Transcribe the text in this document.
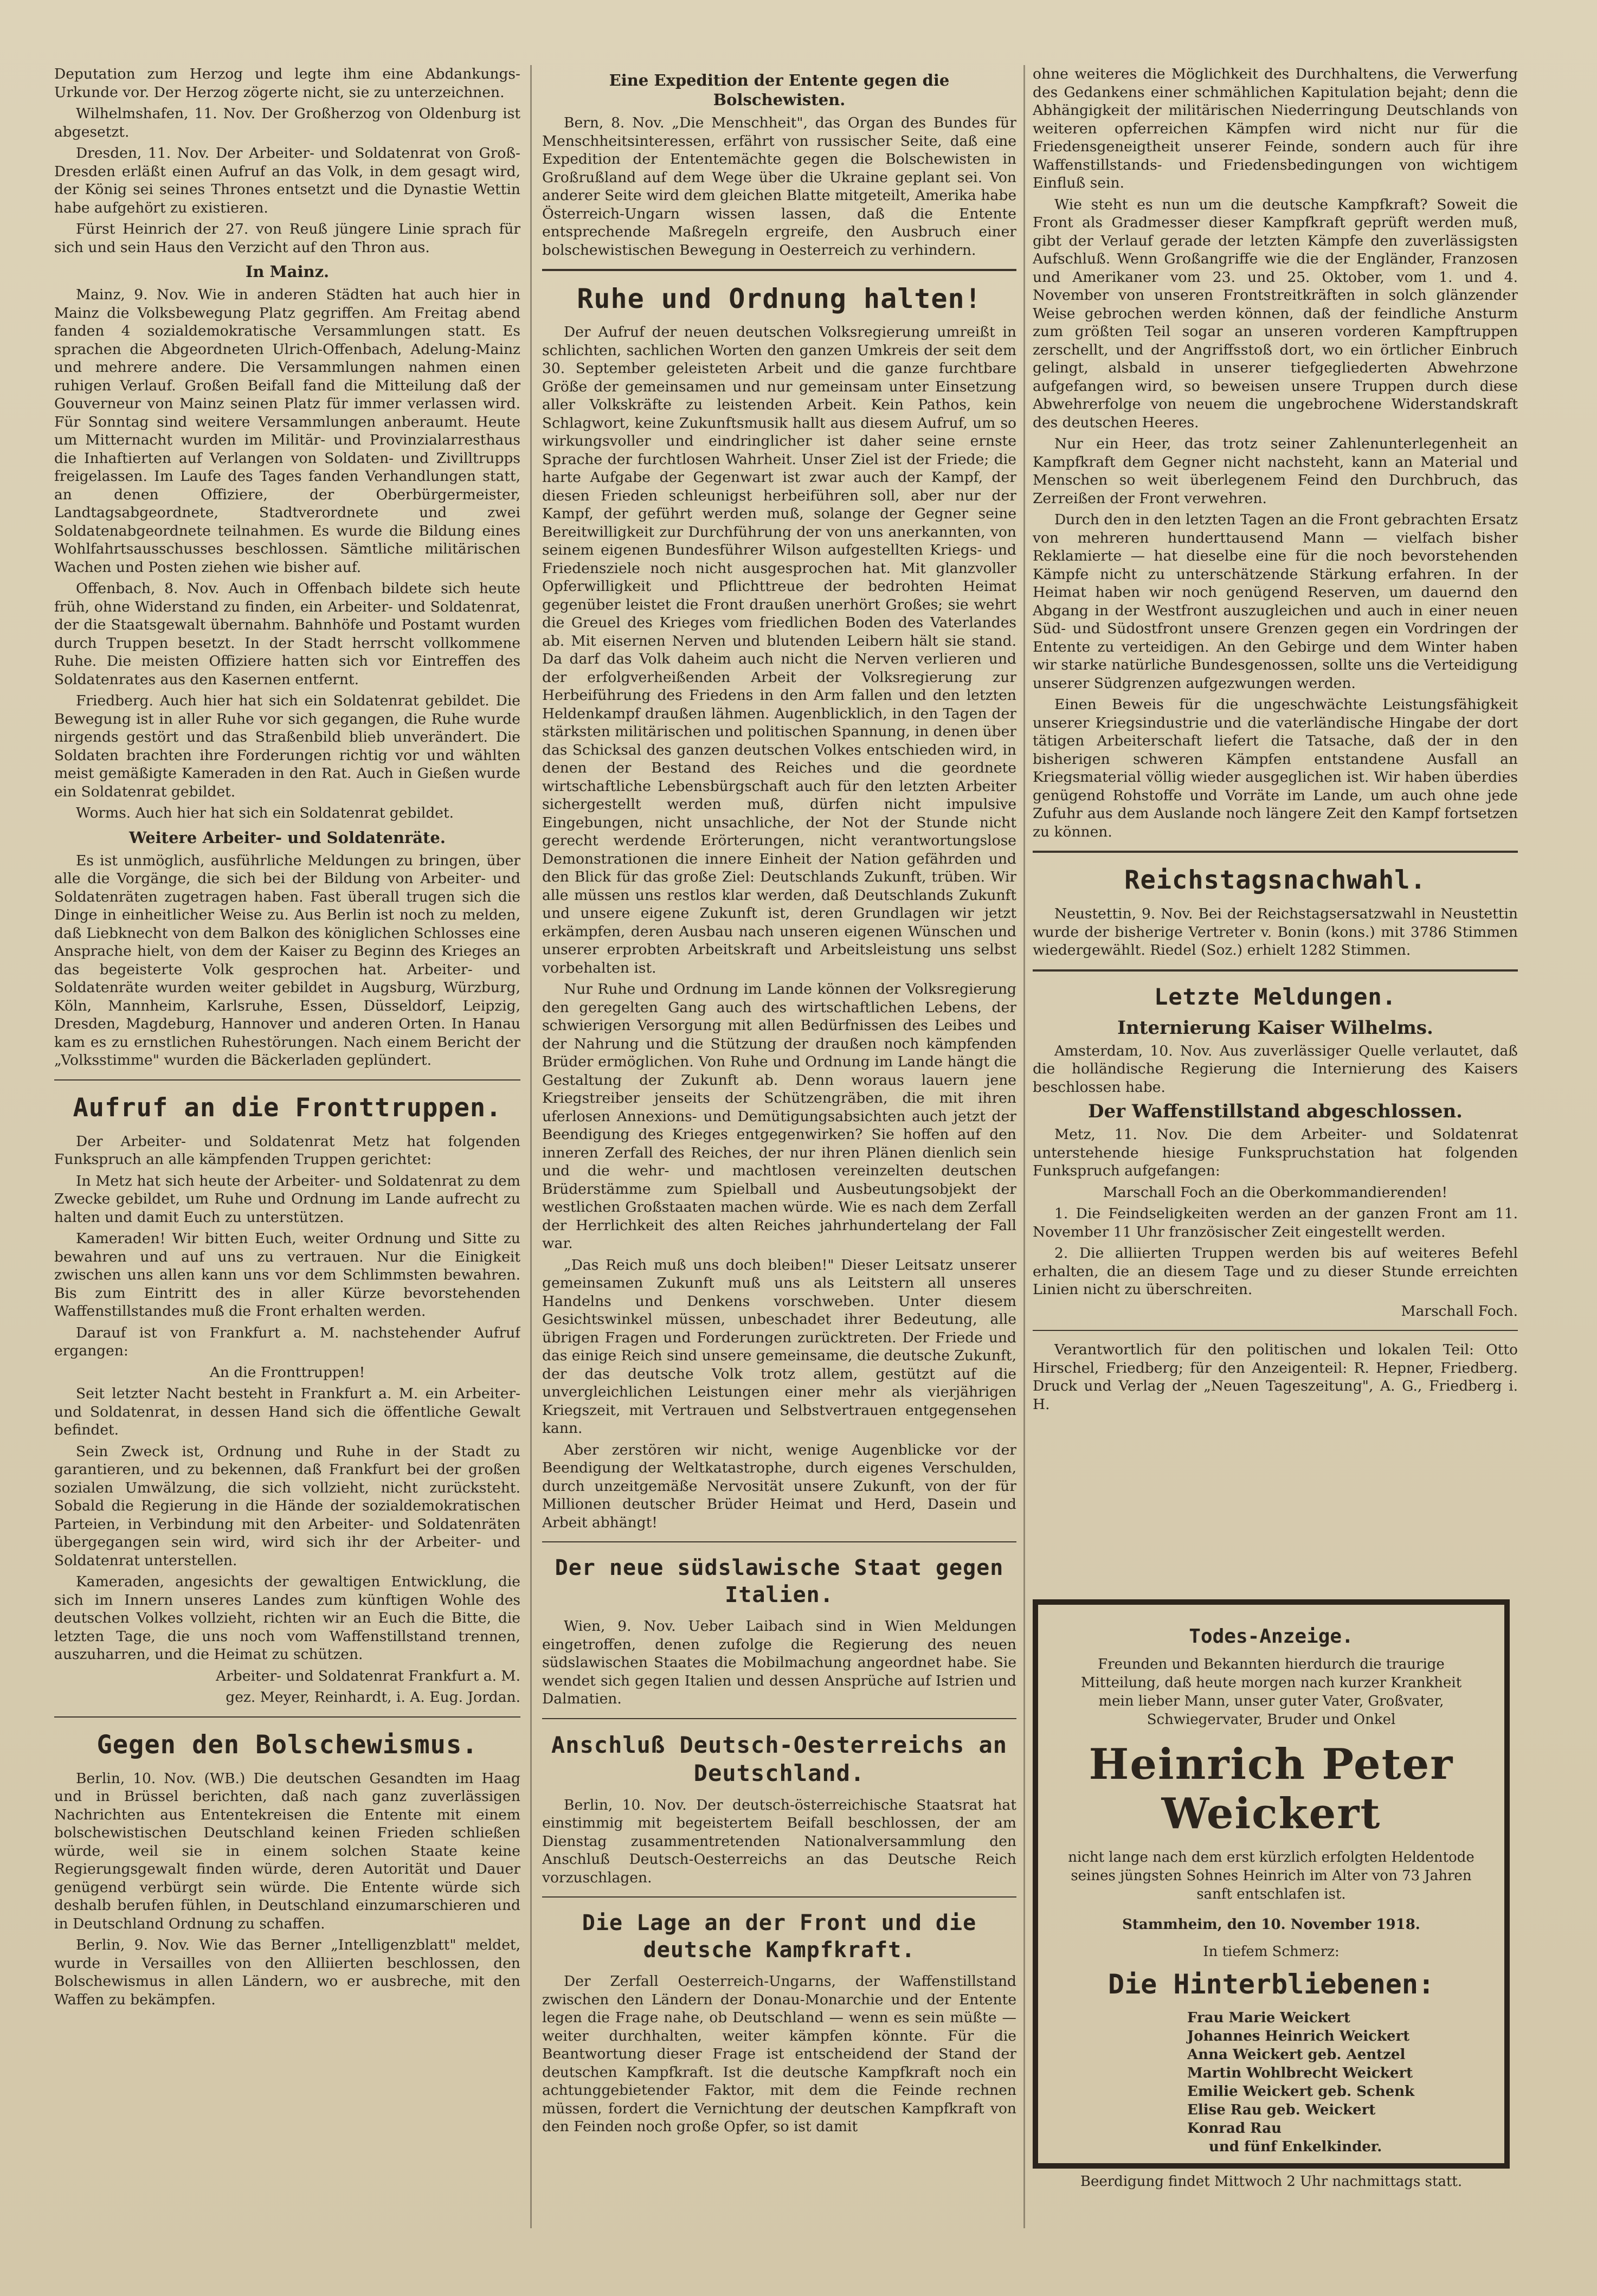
Deputation zum Herzog und legte ihm eine Abdankungs-Urkunde vor. Der Herzog zögerte nicht, sie zu unterzeichnen.

Wilhelmshafen, 11. Nov. Der Großherzog von Oldenburg ist abgesetzt.

Dresden, 11. Nov. Der Arbeiter- und Soldatenrat von Groß-Dresden erläßt einen Aufruf an das Volk, in dem gesagt wird, der König sei seines Thrones entsetzt und die Dynastie Wettin habe aufgehört zu existieren.

Fürst Heinrich der 27. von Reuß jüngere Linie sprach für sich und sein Haus den Verzicht auf den Thron aus.

In Mainz.

Mainz, 9. Nov. Wie in anderen Städten hat auch hier in Mainz die Volksbewegung Platz gegriffen. Am Freitag abend fanden 4 sozialdemokratische Versammlungen statt. Es sprachen die Abgeordneten Ulrich-Offenbach, Adelung-Mainz und mehrere andere. Die Versammlungen nahmen einen ruhigen Verlauf. Großen Beifall fand die Mitteilung daß der Gouverneur von Mainz seinen Platz für immer verlassen wird. Für Sonntag sind weitere Versammlungen anberaumt. Heute um Mitternacht wurden im Militär- und Provinzialarresthaus die Inhaftierten auf Verlangen von Soldaten- und Zivilltrupps freigelassen. Im Laufe des Tages fanden Verhandlungen statt, an denen Offiziere, der Oberbürgermeister, Landtagsabgeordnete, Stadtverordnete und zwei Soldatenabgeordnete teilnahmen. Es wurde die Bildung eines Wohlfahrtsausschusses beschlossen. Sämtliche militärischen Wachen und Posten ziehen wie bisher auf.

Offenbach, 8. Nov. Auch in Offenbach bildete sich heute früh, ohne Widerstand zu finden, ein Arbeiter- und Soldatenrat, der die Staatsgewalt übernahm. Bahnhöfe und Postamt wurden durch Truppen besetzt. In der Stadt herrscht vollkommene Ruhe. Die meisten Offiziere hatten sich vor Eintreffen des Soldatenrates aus den Kasernen entfernt.

Friedberg. Auch hier hat sich ein Soldatenrat gebildet. Die Bewegung ist in aller Ruhe vor sich gegangen, die Ruhe wurde nirgends gestört und das Straßenbild blieb unverändert. Die Soldaten brachten ihre Forderungen richtig vor und wählten meist gemäßigte Kameraden in den Rat. Auch in Gießen wurde ein Soldatenrat gebildet.

Worms. Auch hier hat sich ein Soldatenrat gebildet.

Weitere Arbeiter- und Soldatenräte.

Es ist unmöglich, ausführliche Meldungen zu bringen, über alle die Vorgänge, die sich bei der Bildung von Arbeiter- und Soldatenräten zugetragen haben. Fast überall trugen sich die Dinge in einheitlicher Weise zu. Aus Berlin ist noch zu melden, daß Liebknecht von dem Balkon des königlichen Schlosses eine Ansprache hielt, von dem der Kaiser zu Beginn des Krieges an das begeisterte Volk gesprochen hat. Arbeiter- und Soldatenräte wurden weiter gebildet in Augsburg, Würzburg, Köln, Mannheim, Karlsruhe, Essen, Düsseldorf, Leipzig, Dresden, Magdeburg, Hannover und anderen Orten. In Hanau kam es zu ernstlichen Ruhestörungen. Nach einem Bericht der „Volksstimme" wurden die Bäckerladen geplündert.

Aufruf an die Fronttruppen.

Der Arbeiter- und Soldatenrat Metz hat folgenden Funkspruch an alle kämpfenden Truppen gerichtet:

In Metz hat sich heute der Arbeiter- und Soldatenrat zu dem Zwecke gebildet, um Ruhe und Ordnung im Lande aufrecht zu halten und damit Euch zu unterstützen.

Kameraden! Wir bitten Euch, weiter Ordnung und Sitte zu bewahren und auf uns zu vertrauen. Nur die Einigkeit zwischen uns allen kann uns vor dem Schlimmsten bewahren. Bis zum Eintritt des in aller Kürze bevorstehenden Waffenstillstandes muß die Front erhalten werden.

Darauf ist von Frankfurt a. M. nachstehender Aufruf ergangen:

An die Fronttruppen!

Seit letzter Nacht besteht in Frankfurt a. M. ein Arbeiter- und Soldatenrat, in dessen Hand sich die öffentliche Gewalt befindet.

Sein Zweck ist, Ordnung und Ruhe in der Stadt zu garantieren, und zu bekennen, daß Frankfurt bei der großen sozialen Umwälzung, die sich vollzieht, nicht zurücksteht. Sobald die Regierung in die Hände der sozialdemokratischen Parteien, in Verbindung mit den Arbeiter- und Soldatenräten übergegangen sein wird, wird sich ihr der Arbeiter- und Soldatenrat unterstellen.

Kameraden, angesichts der gewaltigen Entwicklung, die sich im Innern unseres Landes zum künftigen Wohle des deutschen Volkes vollzieht, richten wir an Euch die Bitte, die letzten Tage, die uns noch vom Waffenstillstand trennen, auszuharren, und die Heimat zu schützen.

Arbeiter- und Soldatenrat Frankfurt a. M.

gez. Meyer, Reinhardt, i. A. Eug. Jordan.

Gegen den Bolschewismus.

Berlin, 10. Nov. (WB.) Die deutschen Gesandten im Haag und in Brüssel berichten, daß nach ganz zuverlässigen Nachrichten aus Ententekreisen die Entente mit einem bolschewistischen Deutschland keinen Frieden schließen würde, weil sie in einem solchen Staate keine Regierungsgewalt finden würde, deren Autorität und Dauer genügend verbürgt sein würde. Die Entente würde sich deshalb berufen fühlen, in Deutschland einzumarschieren und in Deutschland Ordnung zu schaffen.

Berlin, 9. Nov. Wie das Berner „Intelligenzblatt" meldet, wurde in Versailles von den Alliierten beschlossen, den Bolschewismus in allen Ländern, wo er ausbreche, mit den Waffen zu bekämpfen.

Eine Expedition der Entente gegen die Bolschewisten.

Bern, 8. Nov. „Die Menschheit", das Organ des Bundes für Menschheitsinteressen, erfährt von russischer Seite, daß eine Expedition der Ententemächte gegen die Bolschewisten in Großrußland auf dem Wege über die Ukraine geplant sei. Von anderer Seite wird dem gleichen Blatte mitgeteilt, Amerika habe Österreich-Ungarn wissen lassen, daß die Entente entsprechende Maßregeln ergreife, den Ausbruch einer bolschewistischen Bewegung in Oesterreich zu verhindern.

Ruhe und Ordnung halten!

Der Aufruf der neuen deutschen Volksregierung umreißt in schlichten, sachlichen Worten den ganzen Umkreis der seit dem 30. September geleisteten Arbeit und die ganze furchtbare Größe der gemeinsamen und nur gemeinsam unter Einsetzung aller Volkskräfte zu leistenden Arbeit. Kein Pathos, kein Schlagwort, keine Zukunftsmusik hallt aus diesem Aufruf, um so wirkungsvoller und eindringlicher ist daher seine ernste Sprache der furchtlosen Wahrheit. Unser Ziel ist der Friede; die harte Aufgabe der Gegenwart ist zwar auch der Kampf, der diesen Frieden schleunigst herbeiführen soll, aber nur der Kampf, der geführt werden muß, solange der Gegner seine Bereitwilligkeit zur Durchführung der von uns anerkannten, von seinem eigenen Bundesführer Wilson aufgestellten Kriegs- und Friedensziele noch nicht ausgesprochen hat. Mit glanzvoller Opferwilligkeit und Pflichttreue der bedrohten Heimat gegenüber leistet die Front draußen unerhört Großes; sie wehrt die Greuel des Krieges vom friedlichen Boden des Vaterlandes ab. Mit eisernen Nerven und blutenden Leibern hält sie stand. Da darf das Volk daheim auch nicht die Nerven verlieren und der erfolgverheißenden Arbeit der Volksregierung zur Herbeiführung des Friedens in den Arm fallen und den letzten Heldenkampf draußen lähmen. Augenblicklich, in den Tagen der stärksten militärischen und politischen Spannung, in denen über das Schicksal des ganzen deutschen Volkes entschieden wird, in denen der Bestand des Reiches und die geordnete wirtschaftliche Lebensbürgschaft auch für den letzten Arbeiter sichergestellt werden muß, dürfen nicht impulsive Eingebungen, nicht unsachliche, der Not der Stunde nicht gerecht werdende Erörterungen, nicht verantwortungslose Demonstrationen die innere Einheit der Nation gefährden und den Blick für das große Ziel: Deutschlands Zukunft, trüben. Wir alle müssen uns restlos klar werden, daß Deutschlands Zukunft und unsere eigene Zukunft ist, deren Grundlagen wir jetzt erkämpfen, deren Ausbau nach unseren eigenen Wünschen und unserer erprobten Arbeitskraft und Arbeitsleistung uns selbst vorbehalten ist.

Nur Ruhe und Ordnung im Lande können der Volksregierung den geregelten Gang auch des wirtschaftlichen Lebens, der schwierigen Versorgung mit allen Bedürfnissen des Leibes und der Nahrung und die Stützung der draußen noch kämpfenden Brüder ermöglichen. Von Ruhe und Ordnung im Lande hängt die Gestaltung der Zukunft ab. Denn woraus lauern jene Kriegstreiber jenseits der Schützengräben, die mit ihren uferlosen Annexions- und Demütigungsabsichten auch jetzt der Beendigung des Krieges entgegenwirken? Sie hoffen auf den inneren Zerfall des Reiches, der nur ihren Plänen dienlich sein und die wehr- und machtlosen vereinzelten deutschen Brüderstämme zum Spielball und Ausbeutungsobjekt der westlichen Großstaaten machen würde. Wie es nach dem Zerfall der Herrlichkeit des alten Reiches jahrhundertelang der Fall war.

„Das Reich muß uns doch bleiben!" Dieser Leitsatz unserer gemeinsamen Zukunft muß uns als Leitstern all unseres Handelns und Denkens vorschweben. Unter diesem Gesichtswinkel müssen, unbeschadet ihrer Bedeutung, alle übrigen Fragen und Forderungen zurücktreten. Der Friede und das einige Reich sind unsere gemeinsame, die deutsche Zukunft, der das deutsche Volk trotz allem, gestützt auf die unvergleichlichen Leistungen einer mehr als vierjährigen Kriegszeit, mit Vertrauen und Selbstvertrauen entgegensehen kann.

Aber zerstören wir nicht, wenige Augenblicke vor der Beendigung der Weltkatastrophe, durch eigenes Verschulden, durch unzeitgemäße Nervosität unsere Zukunft, von der für Millionen deutscher Brüder Heimat und Herd, Dasein und Arbeit abhängt!

Der neue südslawische Staat gegen Italien.

Wien, 9. Nov. Ueber Laibach sind in Wien Meldungen eingetroffen, denen zufolge die Regierung des neuen südslawischen Staates die Mobilmachung angeordnet habe. Sie wendet sich gegen Italien und dessen Ansprüche auf Istrien und Dalmatien.

Anschluß Deutsch-Oesterreichs an Deutschland.

Berlin, 10. Nov. Der deutsch-österreichische Staatsrat hat einstimmig mit begeistertem Beifall beschlossen, der am Dienstag zusammentretenden Nationalversammlung den Anschluß Deutsch-Oesterreichs an das Deutsche Reich vorzuschlagen.

Die Lage an der Front und die deutsche Kampfkraft.

Der Zerfall Oesterreich-Ungarns, der Waffenstillstand zwischen den Ländern der Donau-Monarchie und der Entente legen die Frage nahe, ob Deutschland — wenn es sein müßte — weiter durchhalten, weiter kämpfen könnte. Für die Beantwortung dieser Frage ist entscheidend der Stand der deutschen Kampfkraft. Ist die deutsche Kampfkraft noch ein achtunggebietender Faktor, mit dem die Feinde rechnen müssen, fordert die Vernichtung der deutschen Kampfkraft von den Feinden noch große Opfer, so ist damit

ohne weiteres die Möglichkeit des Durchhaltens, die Verwerfung des Gedankens einer schmählichen Kapitulation bejaht; denn die Abhängigkeit der militärischen Niederringung Deutschlands von weiteren opferreichen Kämpfen wird nicht nur für die Friedensgeneigtheit unserer Feinde, sondern auch für ihre Waffenstillstands- und Friedensbedingungen von wichtigem Einfluß sein.

Wie steht es nun um die deutsche Kampfkraft? Soweit die Front als Gradmesser dieser Kampfkraft geprüft werden muß, gibt der Verlauf gerade der letzten Kämpfe den zuverlässigsten Aufschluß. Wenn Großangriffe wie die der Engländer, Franzosen und Amerikaner vom 23. und 25. Oktober, vom 1. und 4. November von unseren Frontstreitkräften in solch glänzender Weise gebrochen werden können, daß der feindliche Ansturm zum größten Teil sogar an unseren vorderen Kampftruppen zerschellt, und der Angriffsstoß dort, wo ein örtlicher Einbruch gelingt, alsbald in unserer tiefgegliederten Abwehrzone aufgefangen wird, so beweisen unsere Truppen durch diese Abwehrerfolge von neuem die ungebrochene Widerstandskraft des deutschen Heeres.

Nur ein Heer, das trotz seiner Zahlenunterlegenheit an Kampfkraft dem Gegner nicht nachsteht, kann an Material und Menschen so weit überlegenem Feind den Durchbruch, das Zerreißen der Front verwehren.

Durch den in den letzten Tagen an die Front gebrachten Ersatz von mehreren hunderttausend Mann — vielfach bisher Reklamierte — hat dieselbe eine für die noch bevorstehenden Kämpfe nicht zu unterschätzende Stärkung erfahren. In der Heimat haben wir noch genügend Reserven, um dauernd den Abgang in der Westfront auszugleichen und auch in einer neuen Süd- und Südostfront unsere Grenzen gegen ein Vordringen der Entente zu verteidigen. An den Gebirge und dem Winter haben wir starke natürliche Bundesgenossen, sollte uns die Verteidigung unserer Südgrenzen aufgezwungen werden.

Einen Beweis für die ungeschwächte Leistungsfähigkeit unserer Kriegsindustrie und die vaterländische Hingabe der dort tätigen Arbeiterschaft liefert die Tatsache, daß der in den bisherigen schweren Kämpfen entstandene Ausfall an Kriegsmaterial völlig wieder ausgeglichen ist. Wir haben überdies genügend Rohstoffe und Vorräte im Lande, um auch ohne jede Zufuhr aus dem Auslande noch längere Zeit den Kampf fortsetzen zu können.

Reichstagsnachwahl.

Neustettin, 9. Nov. Bei der Reichstagsersatzwahl in Neustettin wurde der bisherige Vertreter v. Bonin (kons.) mit 3786 Stimmen wiedergewählt. Riedel (Soz.) erhielt 1282 Stimmen.

Letzte Meldungen.
Internierung Kaiser Wilhelms.

Amsterdam, 10. Nov. Aus zuverlässiger Quelle verlautet, daß die holländische Regierung die Internierung des Kaisers beschlossen habe.

Der Waffenstillstand abgeschlossen.

Metz, 11. Nov. Die dem Arbeiter- und Soldatenrat unterstehende hiesige Funkspruchstation hat folgenden Funkspruch aufgefangen:

Marschall Foch an die Oberkommandierenden!

1. Die Feindseligkeiten werden an der ganzen Front am 11. November 11 Uhr französischer Zeit eingestellt werden.

2. Die alliierten Truppen werden bis auf weiteres Befehl erhalten, die an diesem Tage und zu dieser Stunde erreichten Linien nicht zu überschreiten.

Marschall Foch.

Verantwortlich für den politischen und lokalen Teil: Otto Hirschel, Friedberg; für den Anzeigenteil: R. Hepner, Friedberg. Druck und Verlag der „Neuen Tageszeitung", A. G., Friedberg i. H.

Todes-Anzeige.

Freunden und Bekannten hierdurch die traurige Mitteilung, daß heute morgen nach kurzer Krankheit mein lieber Mann, unser guter Vater, Großvater, Schwiegervater, Bruder und Onkel

Heinrich Peter Weickert

nicht lange nach dem erst kürzlich erfolgten Heldentode seines jüngsten Sohnes Heinrich im Alter von 73 Jahren sanft entschlafen ist.

Stammheim, den 10. November 1918.

In tiefem Schmerz:

Die Hinterbliebenen:
Frau Marie Weickert
Johannes Heinrich Weickert
Anna Weickert geb. Aentzel
Martin Wohlbrecht Weickert
Emilie Weickert geb. Schenk
Elise Rau geb. Weickert
Konrad Rau
und fünf Enkelkinder.

Beerdigung findet Mittwoch 2 Uhr nachmittags statt.
